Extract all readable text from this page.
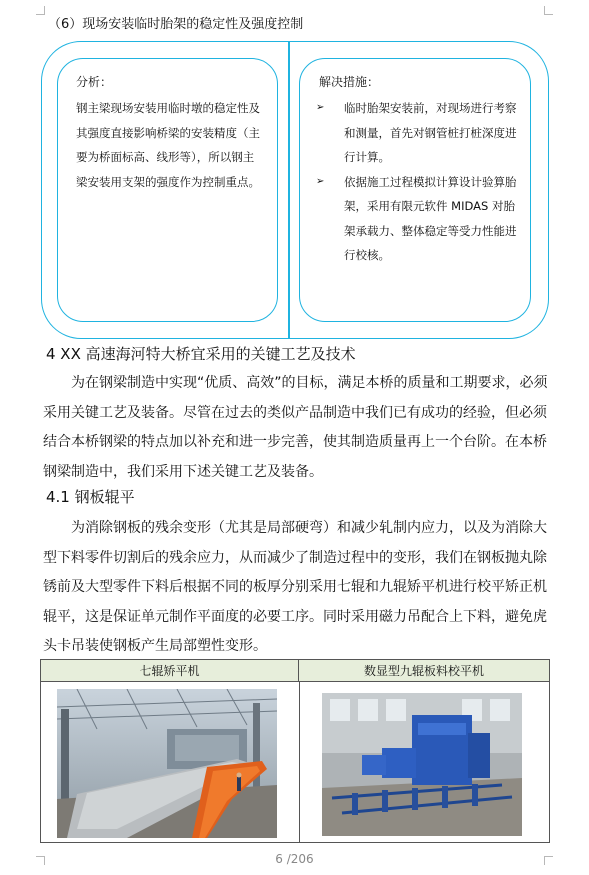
（6）现场安装临时胎架的稳定性及强度控制
分析：
钢主梁现场安装用临时墩的稳定性及其强度直接影响桥梁的安装精度（主要为桥面标高、线形等），所以钢主梁安装用支架的强度作为控制重点。
解决措施：
➢	临时胎架安装前，对现场进行考察和测量，首先对钢管桩打桩深度进行计算。
➢	依据施工过程模拟计算设计验算胎架，采用有限元软件 MIDAS 对胎架承载力、整体稳定等受力性能进行校核。
4 XX 高速海河特大桥宜采用的关键工艺及技术
为在钢梁制造中实现“优质、高效”的目标，满足本桥的质量和工期要求，必须采用关键工艺及装备。尽管在过去的类似产品制造中我们已有成功的经验，但必须结合本桥钢梁的特点加以补充和进一步完善，使其制造质量再上一个台阶。在本桥钢梁制造中，我们采用下述关键工艺及装备。
4.1 钢板辊平
为消除钢板的残余变形（尤其是局部硬弯）和减少轧制内应力，以及为消除大型下料零件切割后的残余应力，从而减少了制造过程中的变形，我们在钢板抛丸除锈前及大型零件下料后根据不同的板厚分别采用七辊和九辊矫平机进行校平矫正机辊平，这是保证单元制作平面度的必要工序。同时采用磁力吊配合上下料，避免虎头卡吊装使钢板产生局部塑性变形。
七辊矫平机	数显型九辊板料校平机
6 /206
